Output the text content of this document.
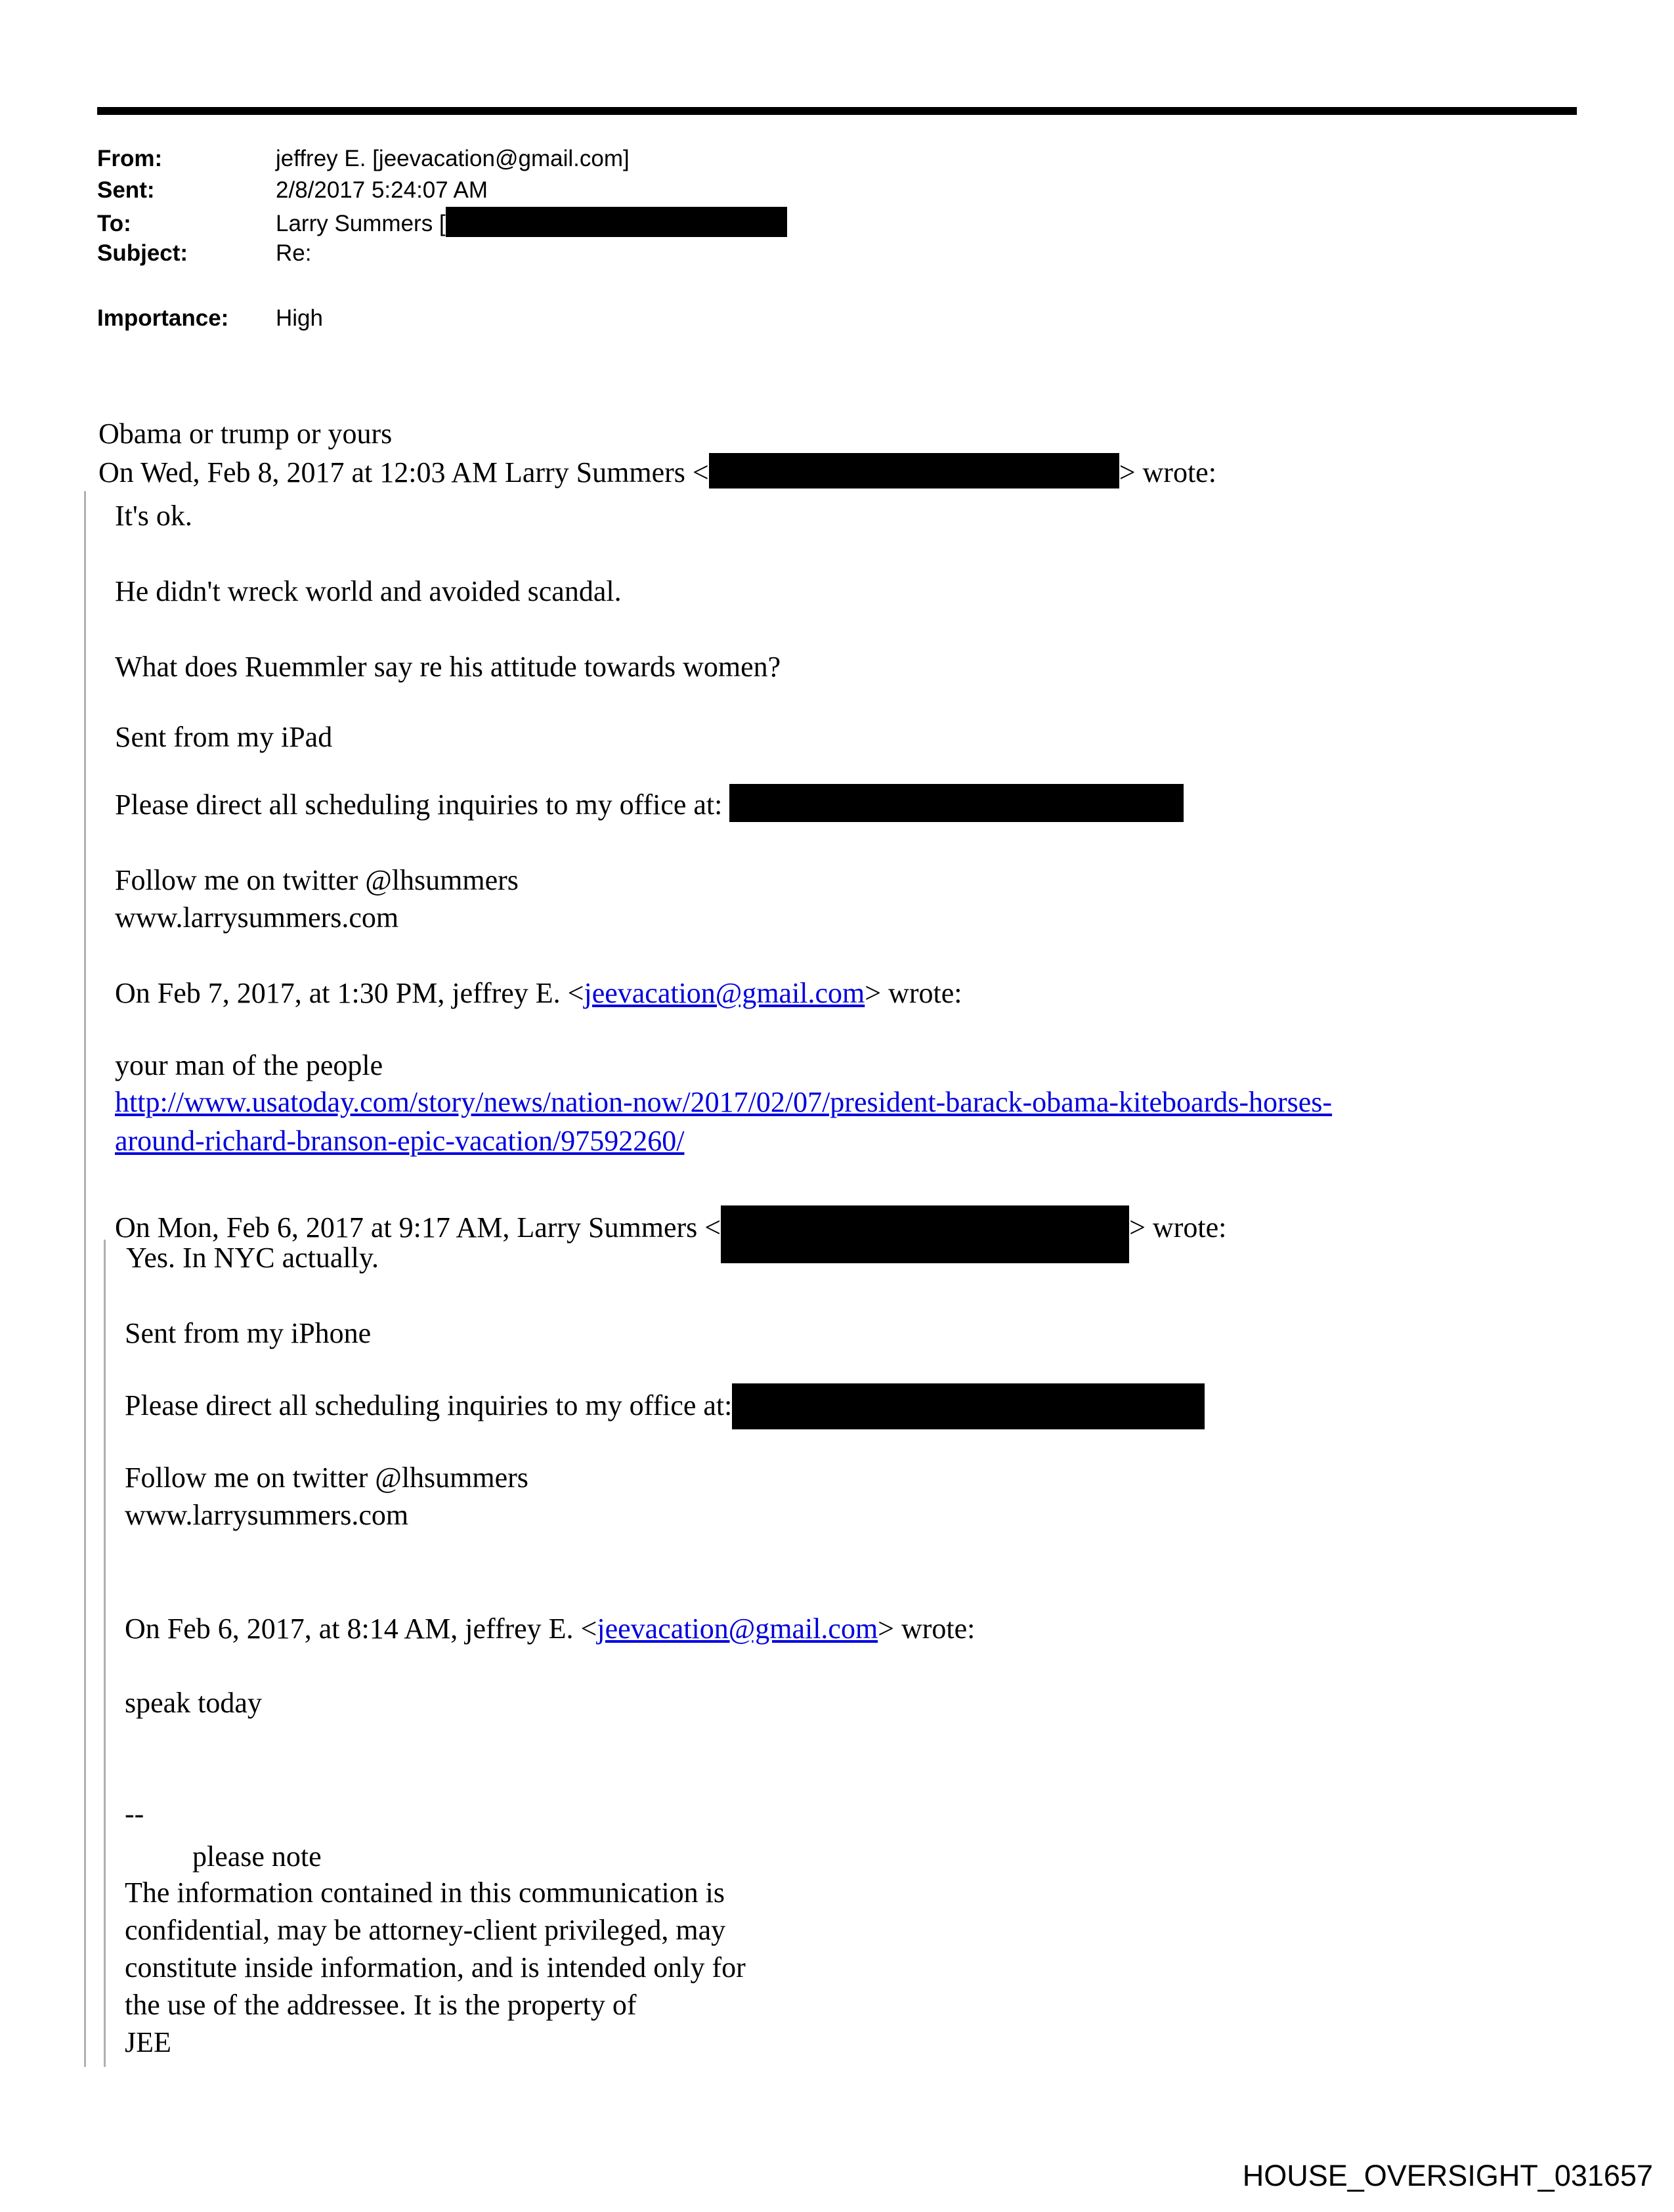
From:	jeffrey E. [jeevacation@gmail.com]
Sent:	2/8/2017 5:24:07 AM
To:	Larry Summers [
Subject:	Re:
Importance: High
Obama or trump or yours
On Wed, Feb 8, 2017 at 12:03 AM Larry Summers <	> wrote:
It's ok.
He didn't wreck world and avoided scandal.
What does Ruemmler say re his attitude towards women?
Sent from my iPad
Please direct all scheduling inquiries to my office at:
Follow me on twitter @lhsummers
www.larrysummers.com
On Feb 7, 2017, at 1:30 PM, jeffrey E. <jeevacation@gmail.com> wrote:
your man of the people
http://www.usatoday.com/story/news/nation-now/2017/02/07/president-barack-obama-kiteboards-horses-
around-richard-branson-epic-vacation/97592260/
On Mon, Feb 6, 2017 at 9:17 AM, Larry Summers <	> wrote:
Yes. In NYC actually.
Sent from my iPhone
Please direct all scheduling inquiries to my office at:
Follow me on twitter @lhsummers
www.larrysummers.com
On Feb 6, 2017, at 8:14 AM, jeffrey E. <jeevacation@gmail.com> wrote:
speak today
--
please note
The information contained in this communication is
confidential, may be attorney-client privileged, may
constitute inside information, and is intended only for
the use of the addressee. It is the property of
JEE
HOUSE_OVERSIGHT_031657
